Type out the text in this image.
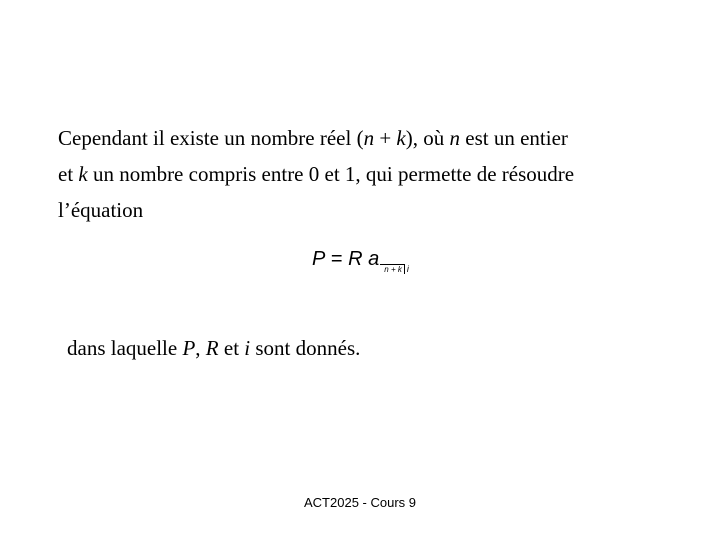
Cependant il existe un nombre réel (n + k), où n est un entier
et k un nombre compris entre 0 et 1, qui permette de résoudre
l’équation
P = R a n + k $_i$
dans laquelle P, R et i sont donnés.
ACT2025 - Cours 9
